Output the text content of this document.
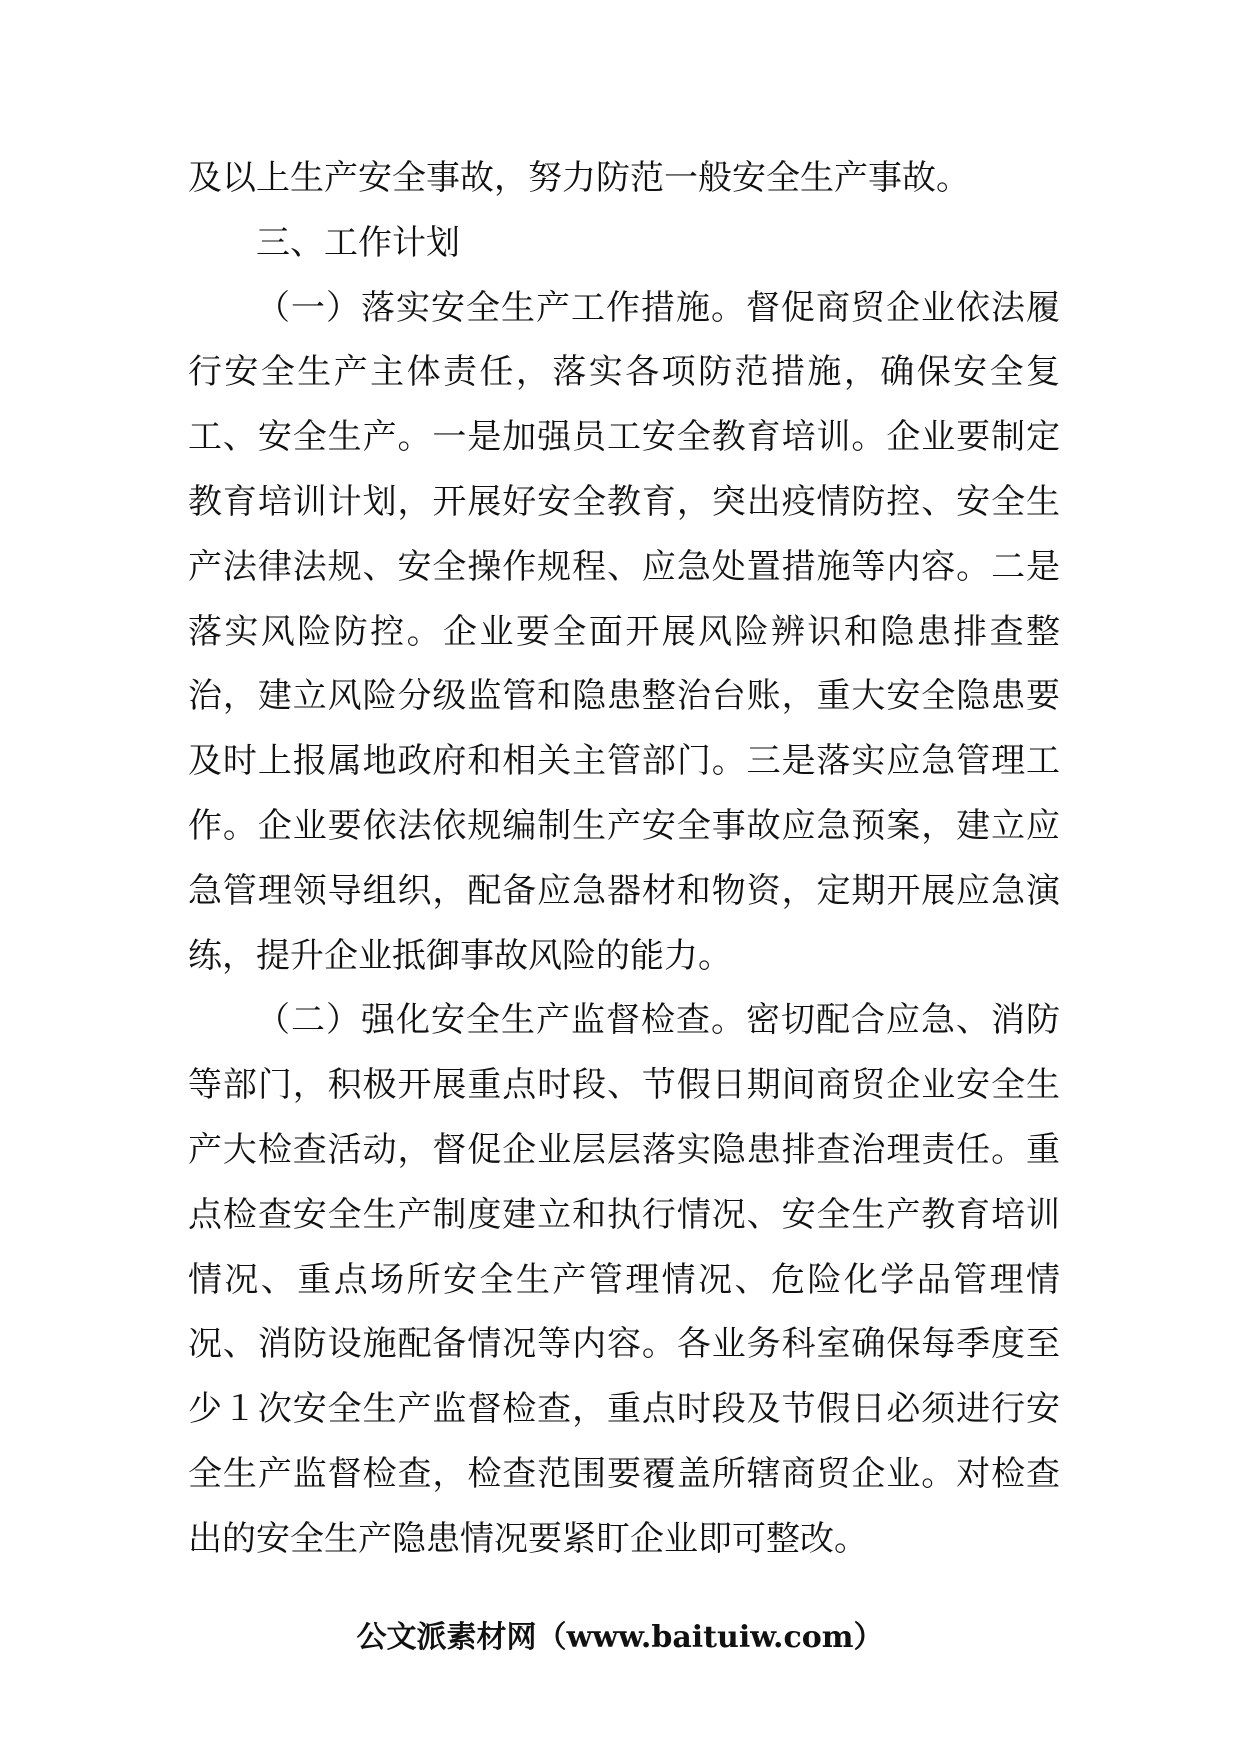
及以上生产安全事故，努力防范一般安全生产事故。

三、工作计划

（一）落实安全生产工作措施。督促商贸企业依法履行安全生产主体责任，落实各项防范措施，确保安全复工、安全生产。一是加强员工安全教育培训。企业要制定教育培训计划，开展好安全教育，突出疫情防控、安全生产法律法规、安全操作规程、应急处置措施等内容。二是落实风险防控。企业要全面开展风险辨识和隐患排查整治，建立风险分级监管和隐患整治台账，重大安全隐患要及时上报属地政府和相关主管部门。三是落实应急管理工作。企业要依法依规编制生产安全事故应急预案，建立应急管理领导组织，配备应急器材和物资，定期开展应急演练，提升企业抵御事故风险的能力。

（二）强化安全生产监督检查。密切配合应急、消防等部门，积极开展重点时段、节假日期间商贸企业安全生产大检查活动，督促企业层层落实隐患排查治理责任。重点检查安全生产制度建立和执行情况、安全生产教育培训情况、重点场所安全生产管理情况、危险化学品管理情况、消防设施配备情况等内容。各业务科室确保每季度至少１次安全生产监督检查，重点时段及节假日必须进行安全生产监督检查，检查范围要覆盖所辖商贸企业。对检查出的安全生产隐患情况要紧盯企业即可整改。

公文派素材网（www.baituiw.com）
